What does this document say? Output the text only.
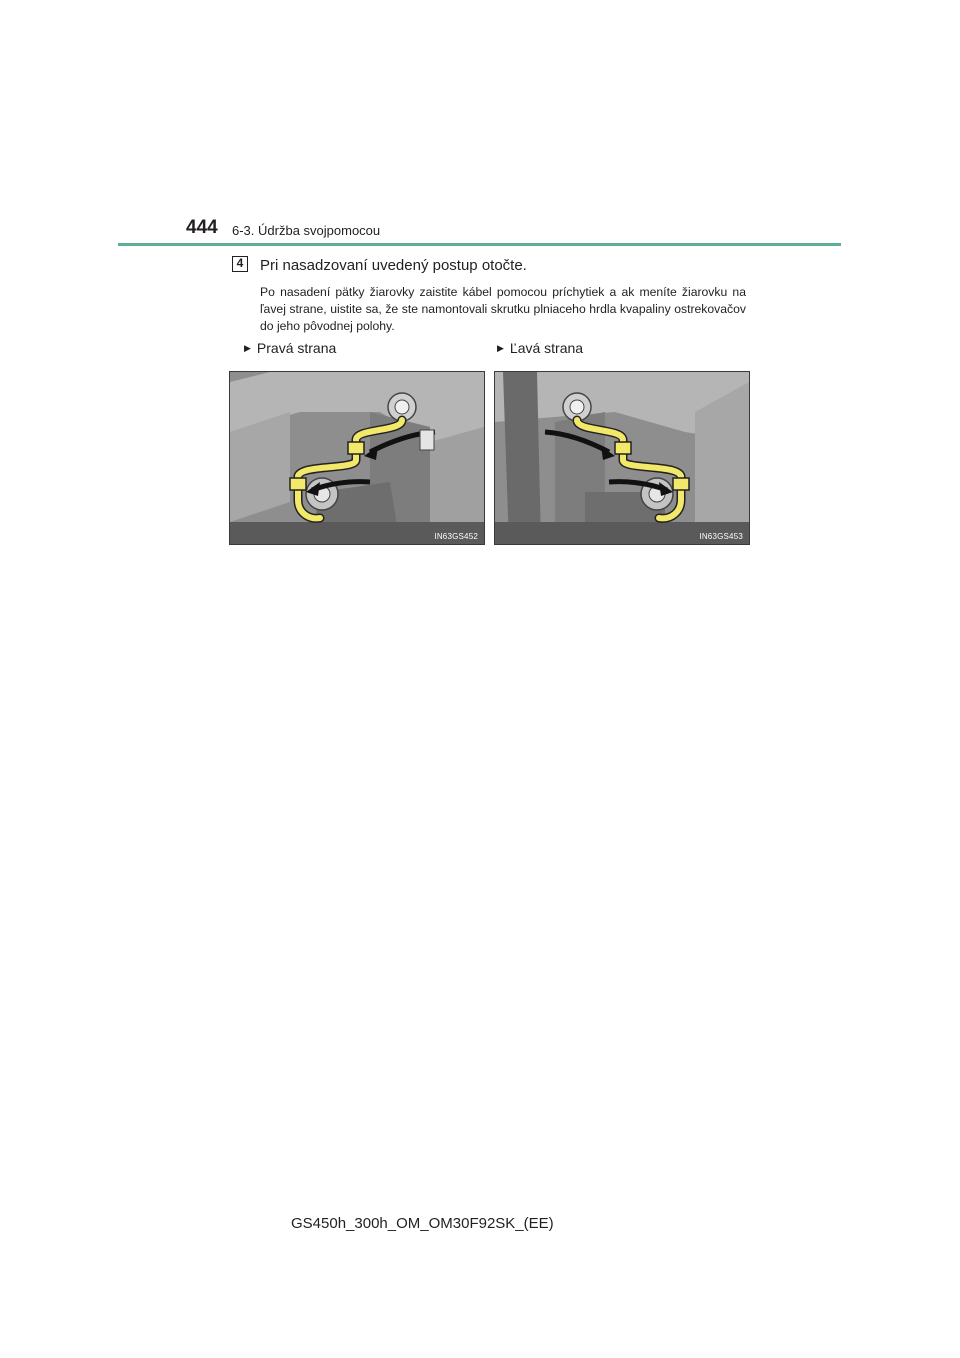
444 6-3. Údržba svojpomocou
4	Pri nasadzovaní uvedený postup otočte.

Po nasadení pätky žiarovky zaistite kábel pomocou príchytiek a ak meníte žiarovku na ľavej strane, uistite sa, že ste namontovali skrutku plniaceho hrdla kvapaliny ostrekovačov do jeho pôvodnej polohy.

▶ Pravá strana	▶ Ľavá strana
IN63GS452	IN63GS453
GS450h_300h_OM_OM30F92SK_(EE)
